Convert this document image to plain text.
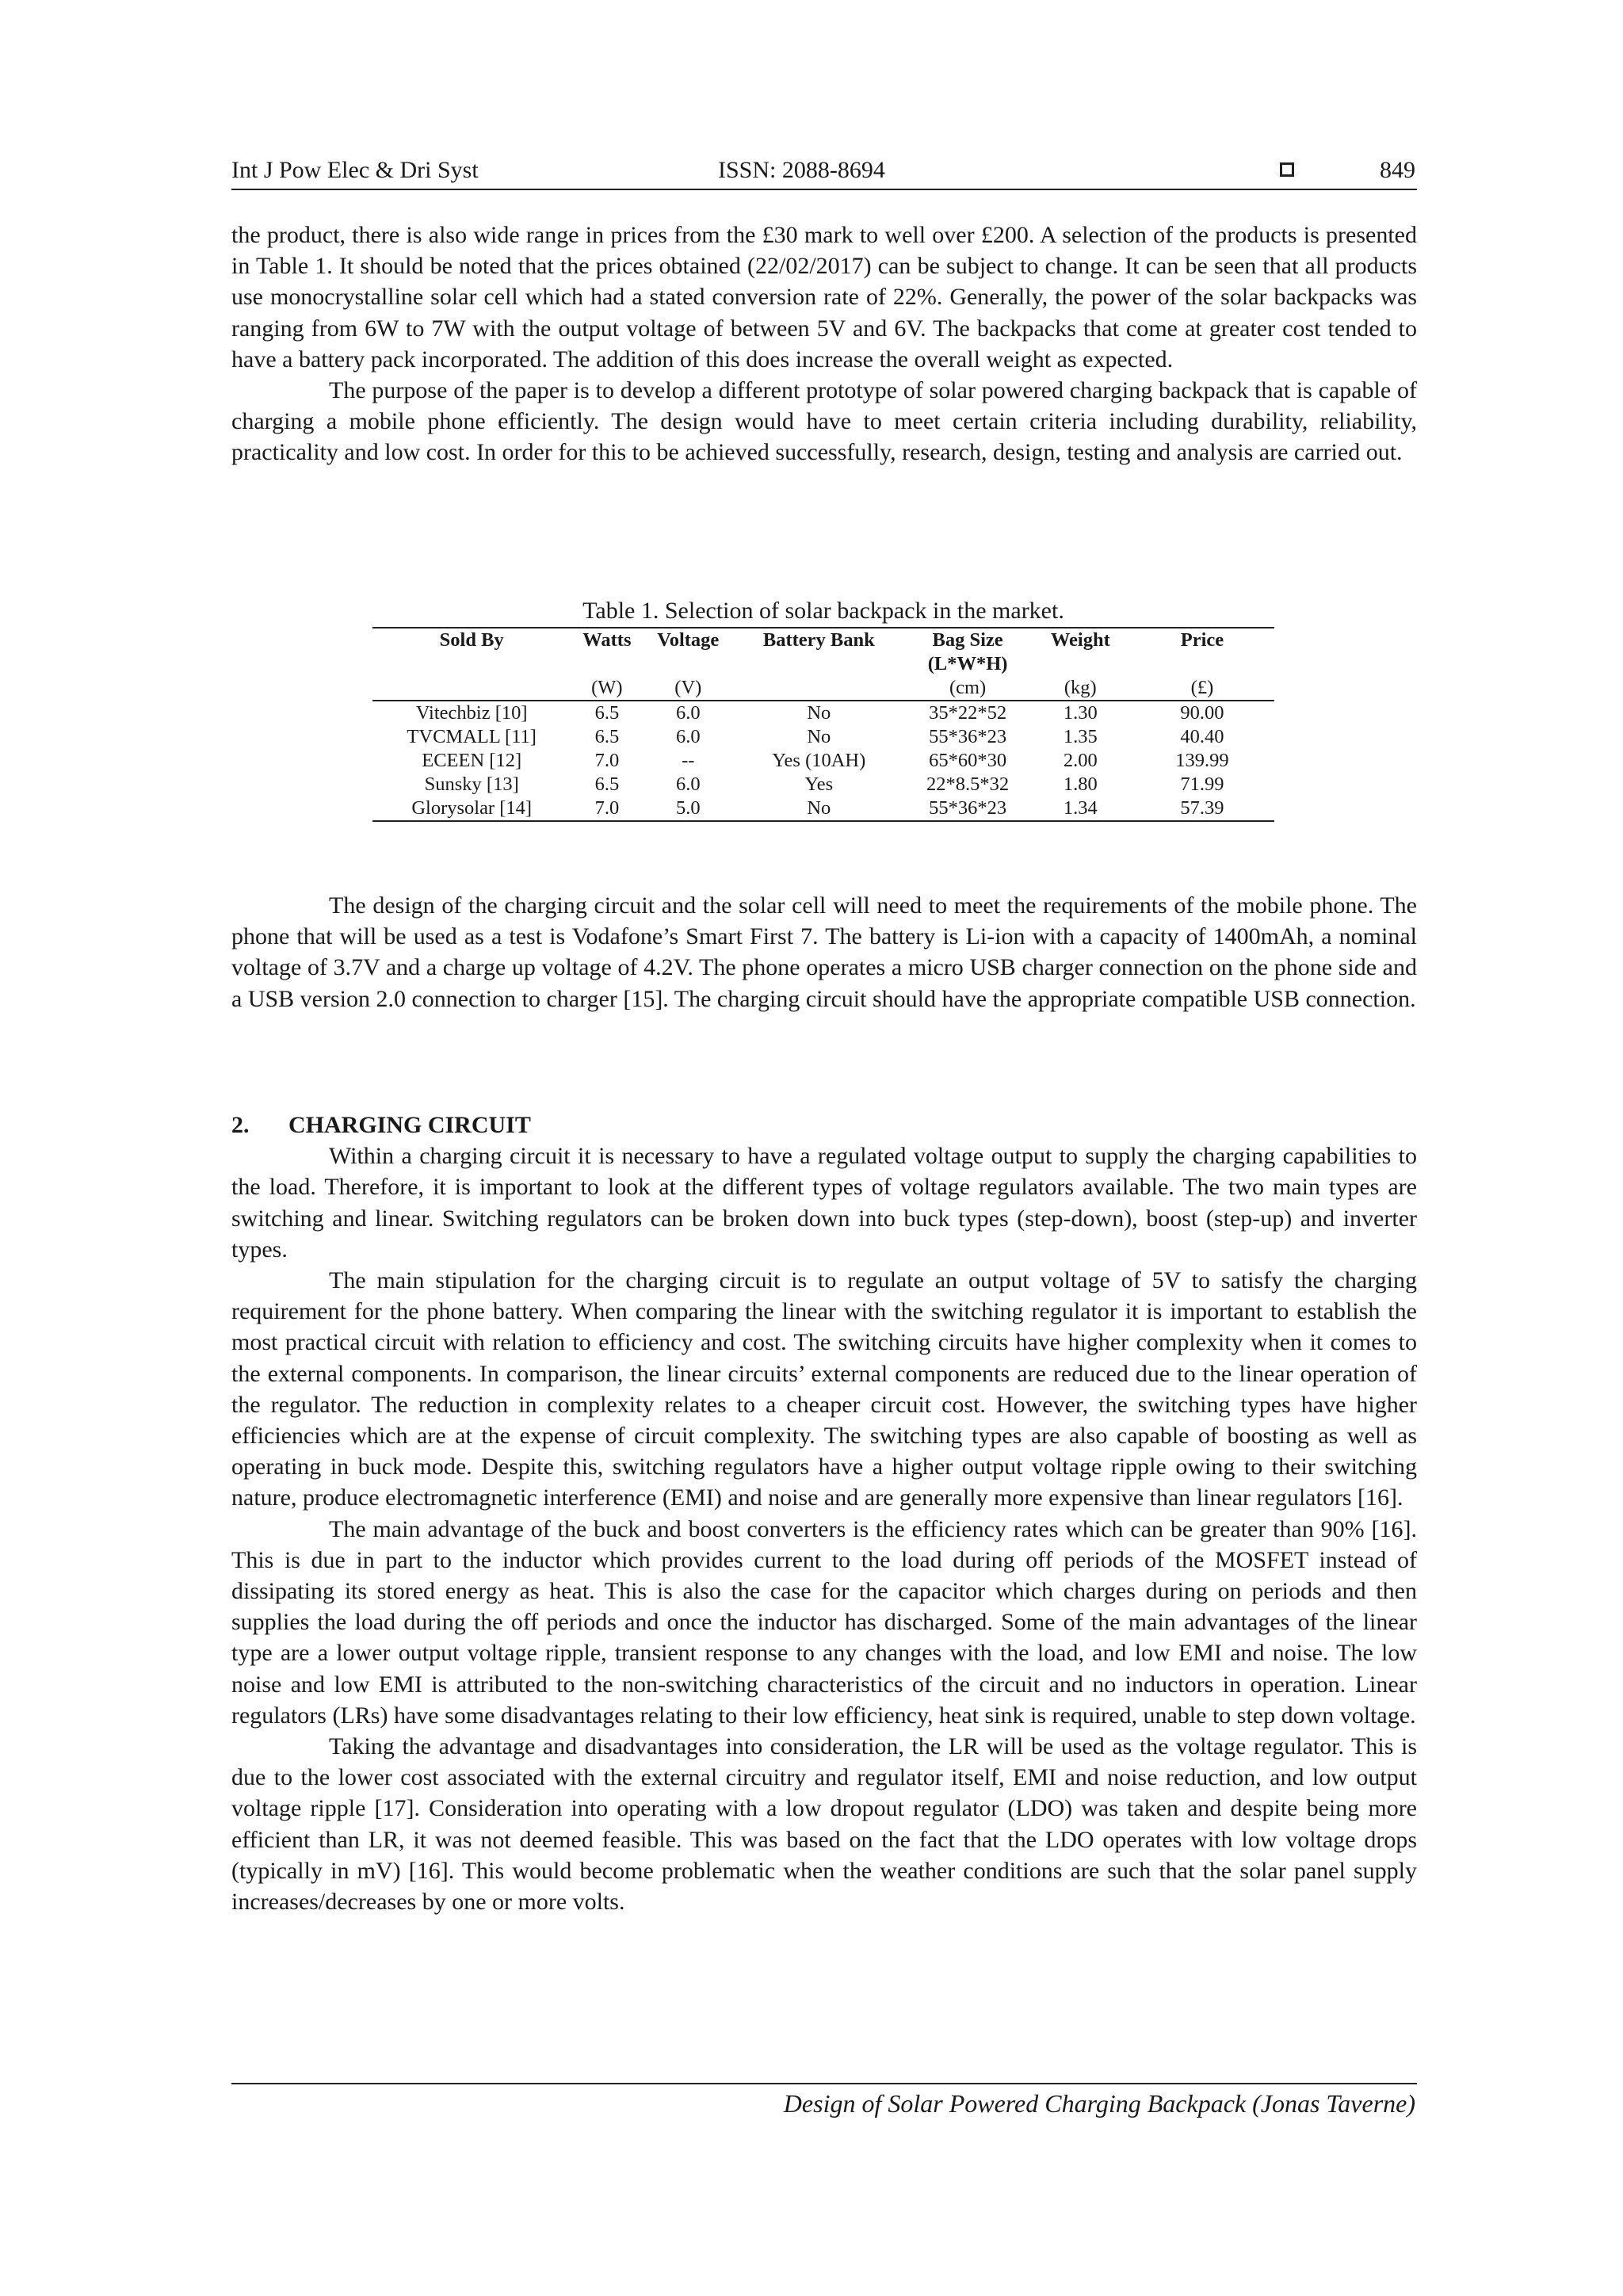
Int J Pow Elec & Dri Syst	ISSN: 2088-8694	849

the product, there is also wide range in prices from the £30 mark to well over £200. A selection of the products is presented in Table 1. It should be noted that the prices obtained (22/02/2017) can be subject to change. It can be seen that all products use monocrystalline solar cell which had a stated conversion rate of 22%. Generally, the power of the solar backpacks was ranging from 6W to 7W with the output voltage of between 5V and 6V. The backpacks that come at greater cost tended to have a battery pack incorporated. The addition of this does increase the overall weight as expected.

The purpose of the paper is to develop a different prototype of solar powered charging backpack that is capable of charging a mobile phone efficiently. The design would have to meet certain criteria including durability, reliability, practicality and low cost. In order for this to be achieved successfully, research, design, testing and analysis are carried out.

Table 1. Selection of solar backpack in the market.
Sold By	Watts	Voltage	Battery Bank	Bag Size	Weight	Price
				(L*W*H)		
	(W)	(V)		(cm)	(kg)	(£)
Vitechbiz [10]	6.5	6.0	No	35*22*52	1.30	90.00
TVCMALL [11]	6.5	6.0	No	55*36*23	1.35	40.40
ECEEN [12]	7.0	--	Yes (10AH)	65*60*30	2.00	139.99
Sunsky [13]	6.5	6.0	Yes	22*8.5*32	1.80	71.99
Glorysolar [14]	7.0	5.0	No	55*36*23	1.34	57.39

The design of the charging circuit and the solar cell will need to meet the requirements of the mobile phone. The phone that will be used as a test is Vodafone’s Smart First 7. The battery is Li-ion with a capacity of 1400mAh, a nominal voltage of 3.7V and a charge up voltage of 4.2V. The phone operates a micro USB charger connection on the phone side and a USB version 2.0 connection to charger [15]. The charging circuit should have the appropriate compatible USB connection.

2.	CHARGING CIRCUIT

Within a charging circuit it is necessary to have a regulated voltage output to supply the charging capabilities to the load. Therefore, it is important to look at the different types of voltage regulators available. The two main types are switching and linear. Switching regulators can be broken down into buck types (step-down), boost (step-up) and inverter types.

The main stipulation for the charging circuit is to regulate an output voltage of 5V to satisfy the charging requirement for the phone battery. When comparing the linear with the switching regulator it is important to establish the most practical circuit with relation to efficiency and cost. The switching circuits have higher complexity when it comes to the external components. In comparison, the linear circuits’ external components are reduced due to the linear operation of the regulator. The reduction in complexity relates to a cheaper circuit cost. However, the switching types have higher efficiencies which are at the expense of circuit complexity. The switching types are also capable of boosting as well as operating in buck mode. Despite this, switching regulators have a higher output voltage ripple owing to their switching nature, produce electromagnetic interference (EMI) and noise and are generally more expensive than linear regulators [16].

The main advantage of the buck and boost converters is the efficiency rates which can be greater than 90% [16]. This is due in part to the inductor which provides current to the load during off periods of the MOSFET instead of dissipating its stored energy as heat. This is also the case for the capacitor which charges during on periods and then supplies the load during the off periods and once the inductor has discharged. Some of the main advantages of the linear type are a lower output voltage ripple, transient response to any changes with the load, and low EMI and noise. The low noise and low EMI is attributed to the non-switching characteristics of the circuit and no inductors in operation. Linear regulators (LRs) have some disadvantages relating to their low efficiency, heat sink is required, unable to step down voltage.

Taking the advantage and disadvantages into consideration, the LR will be used as the voltage regulator. This is due to the lower cost associated with the external circuitry and regulator itself, EMI and noise reduction, and low output voltage ripple [17]. Consideration into operating with a low dropout regulator (LDO) was taken and despite being more efficient than LR, it was not deemed feasible. This was based on the fact that the LDO operates with low voltage drops (typically in mV) [16]. This would become problematic when the weather conditions are such that the solar panel supply increases/decreases by one or more volts.

Design of Solar Powered Charging Backpack (Jonas Taverne)
